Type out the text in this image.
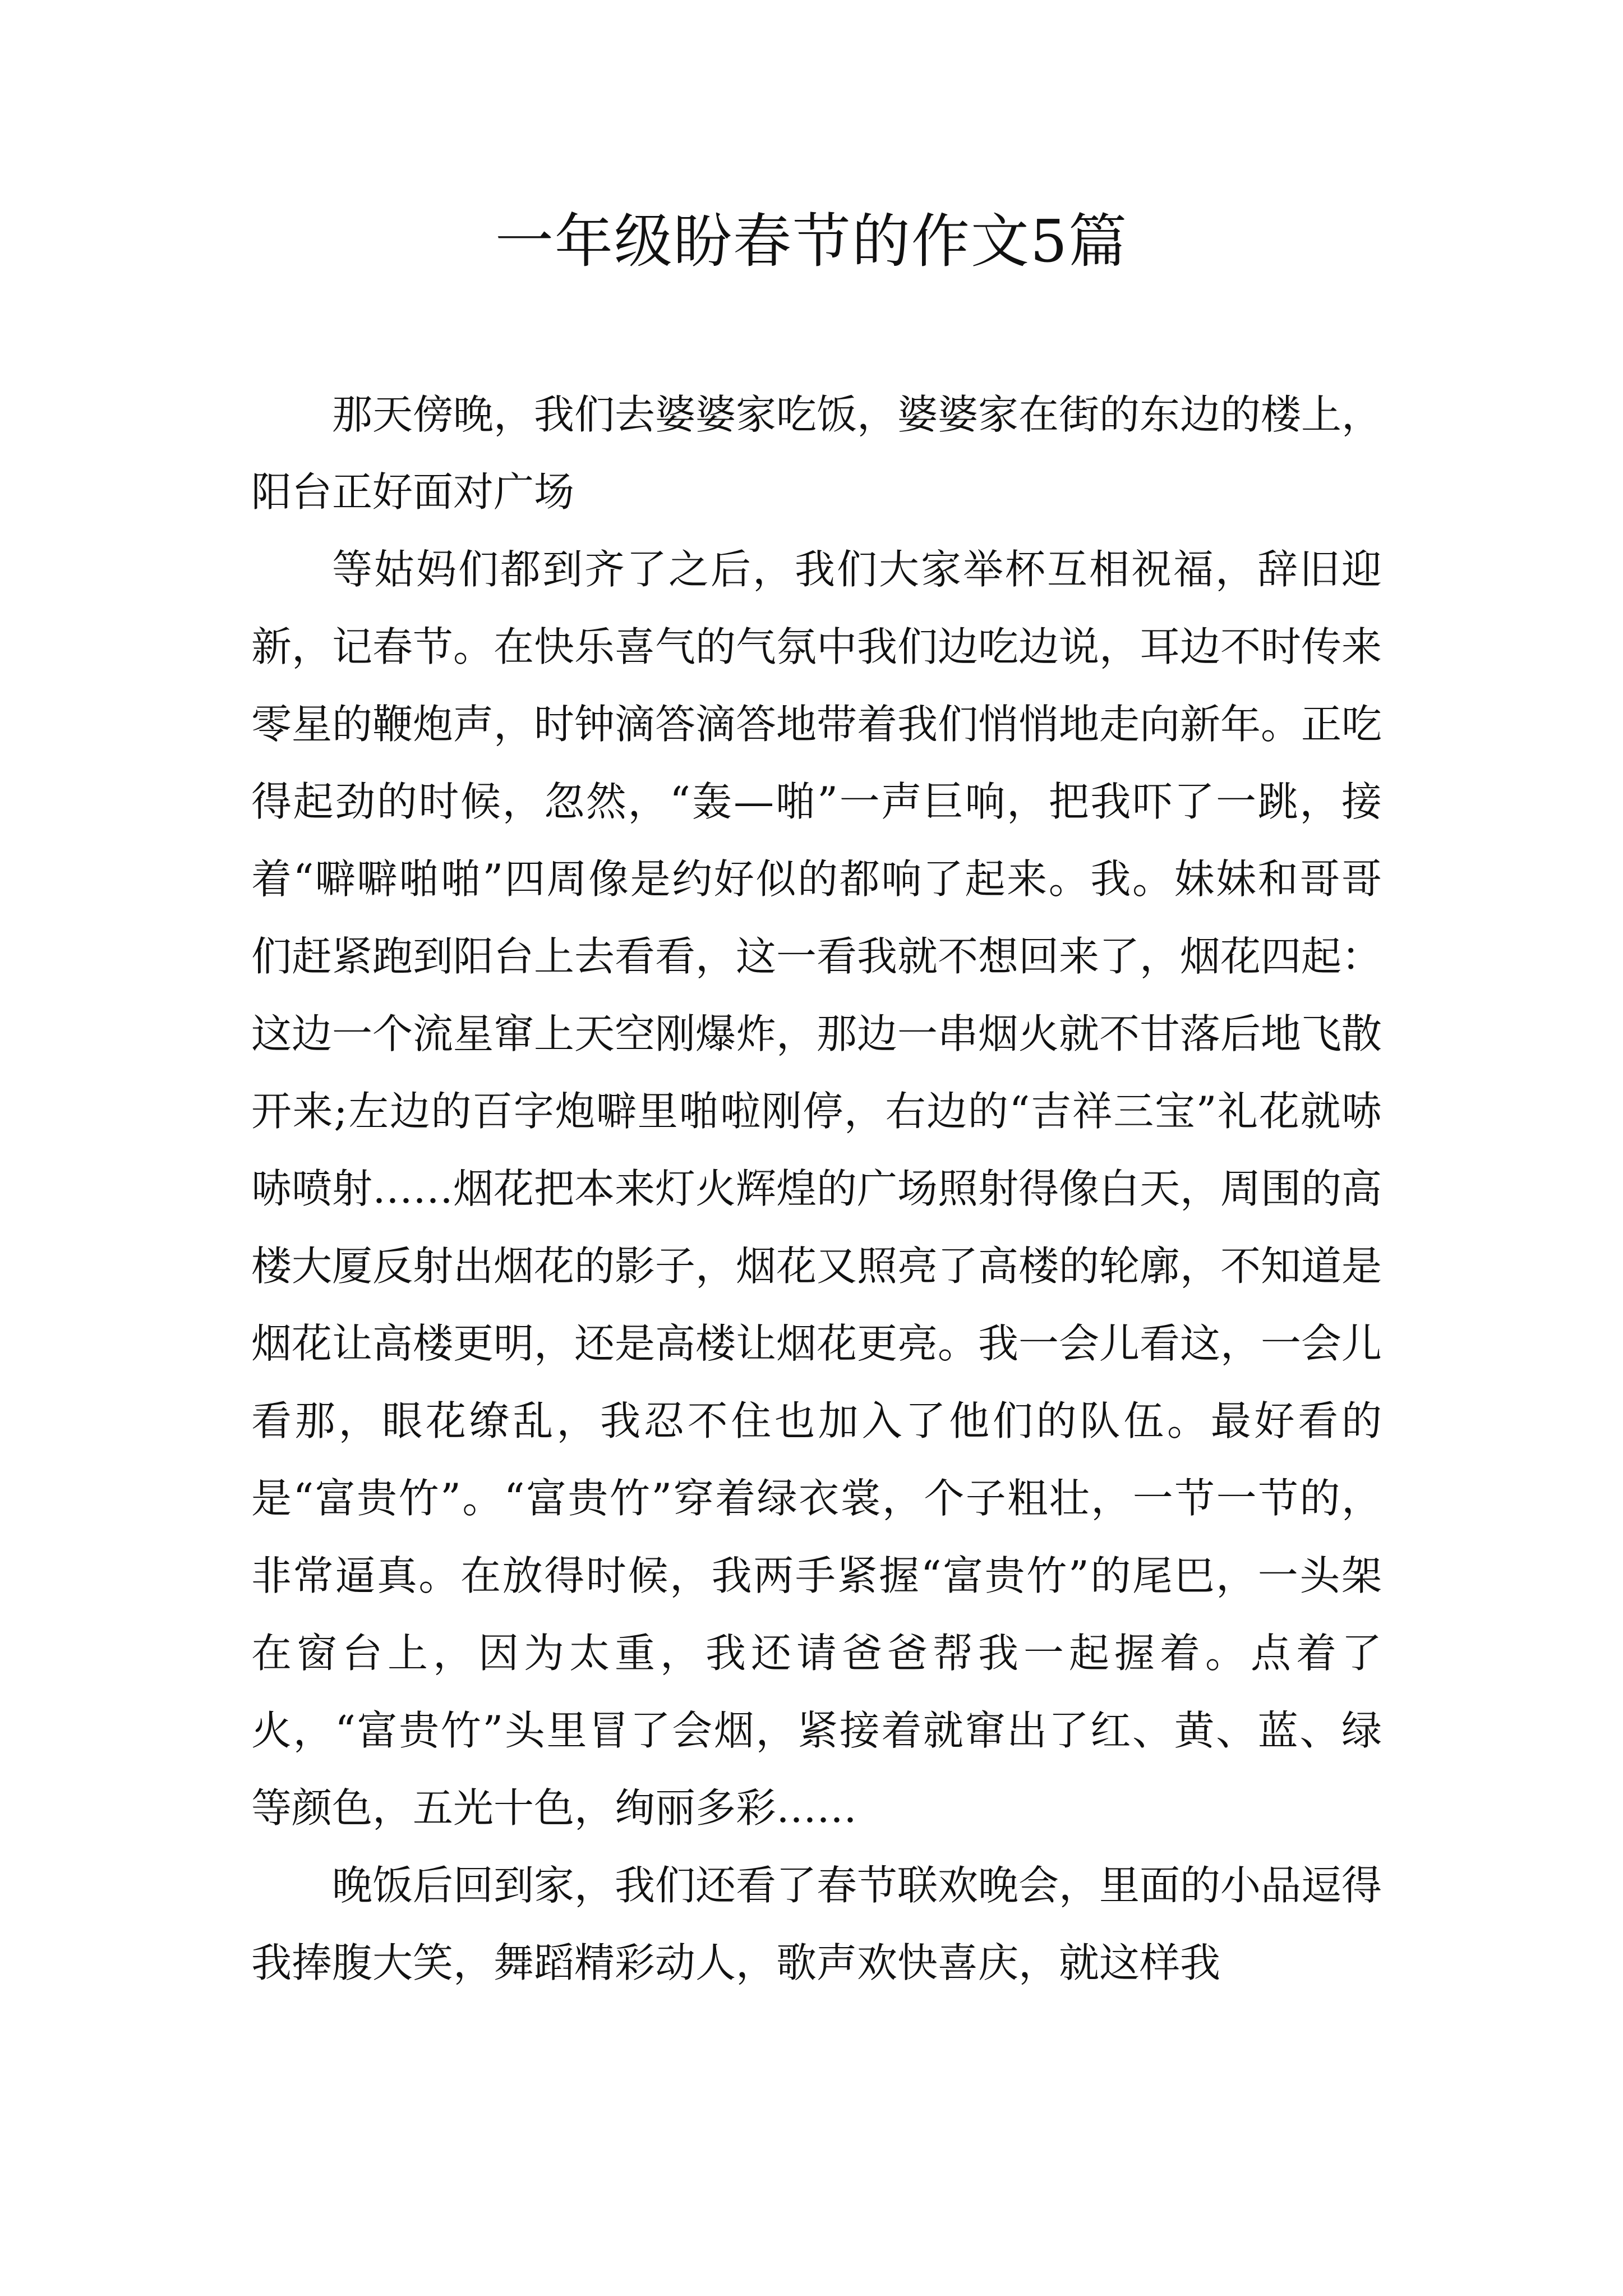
一年级盼春节的作文5篇

那天傍晚，我们去婆婆家吃饭，婆婆家在街的东边的楼上，阳台正好面对广场

等姑妈们都到齐了之后，我们大家举杯互相祝福，辞旧迎新，记春节。在快乐喜气的气氛中我们边吃边说，耳边不时传来零星的鞭炮声，时钟滴答滴答地带着我们悄悄地走向新年。正吃得起劲的时候，忽然，“轰—啪”一声巨响，把我吓了一跳，接着“噼噼啪啪”四周像是约好似的都响了起来。我。妹妹和哥哥们赶紧跑到阳台上去看看，这一看我就不想回来了，烟花四起：这边一个流星窜上天空刚爆炸，那边一串烟火就不甘落后地飞散开来;左边的百字炮噼里啪啦刚停，右边的“吉祥三宝”礼花就哧哧喷射……烟花把本来灯火辉煌的广场照射得像白天，周围的高楼大厦反射出烟花的影子，烟花又照亮了高楼的轮廓，不知道是烟花让高楼更明，还是高楼让烟花更亮。我一会儿看这，一会儿看那，眼花缭乱，我忍不住也加入了他们的队伍。最好看的是“富贵竹”。“富贵竹”穿着绿衣裳，个子粗壮，一节一节的，非常逼真。在放得时候，我两手紧握“富贵竹”的尾巴，一头架在窗台上，因为太重，我还请爸爸帮我一起握着。点着了火，“富贵竹”头里冒了会烟，紧接着就窜出了红、黄、蓝、绿等颜色，五光十色，绚丽多彩……

晚饭后回到家，我们还看了春节联欢晚会，里面的小品逗得我捧腹大笑，舞蹈精彩动人，歌声欢快喜庆，就这样我
